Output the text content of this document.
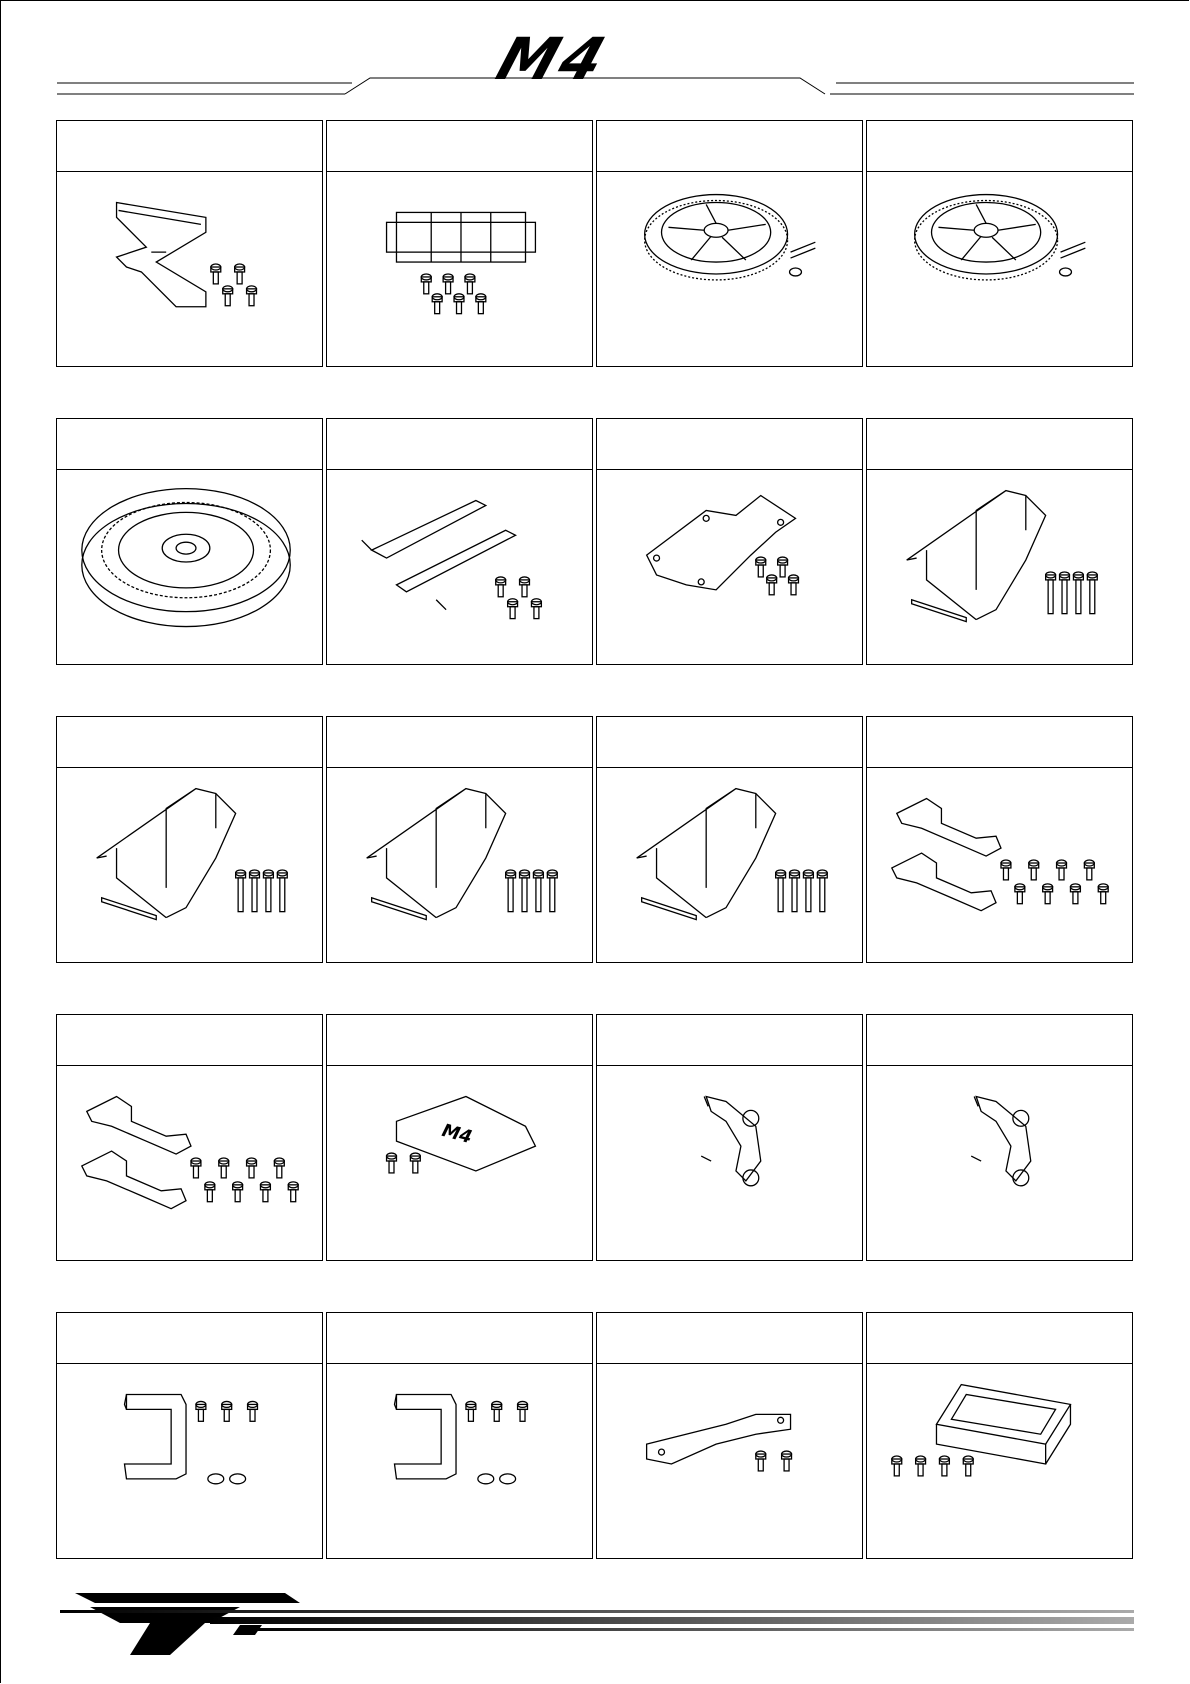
M4
M4
